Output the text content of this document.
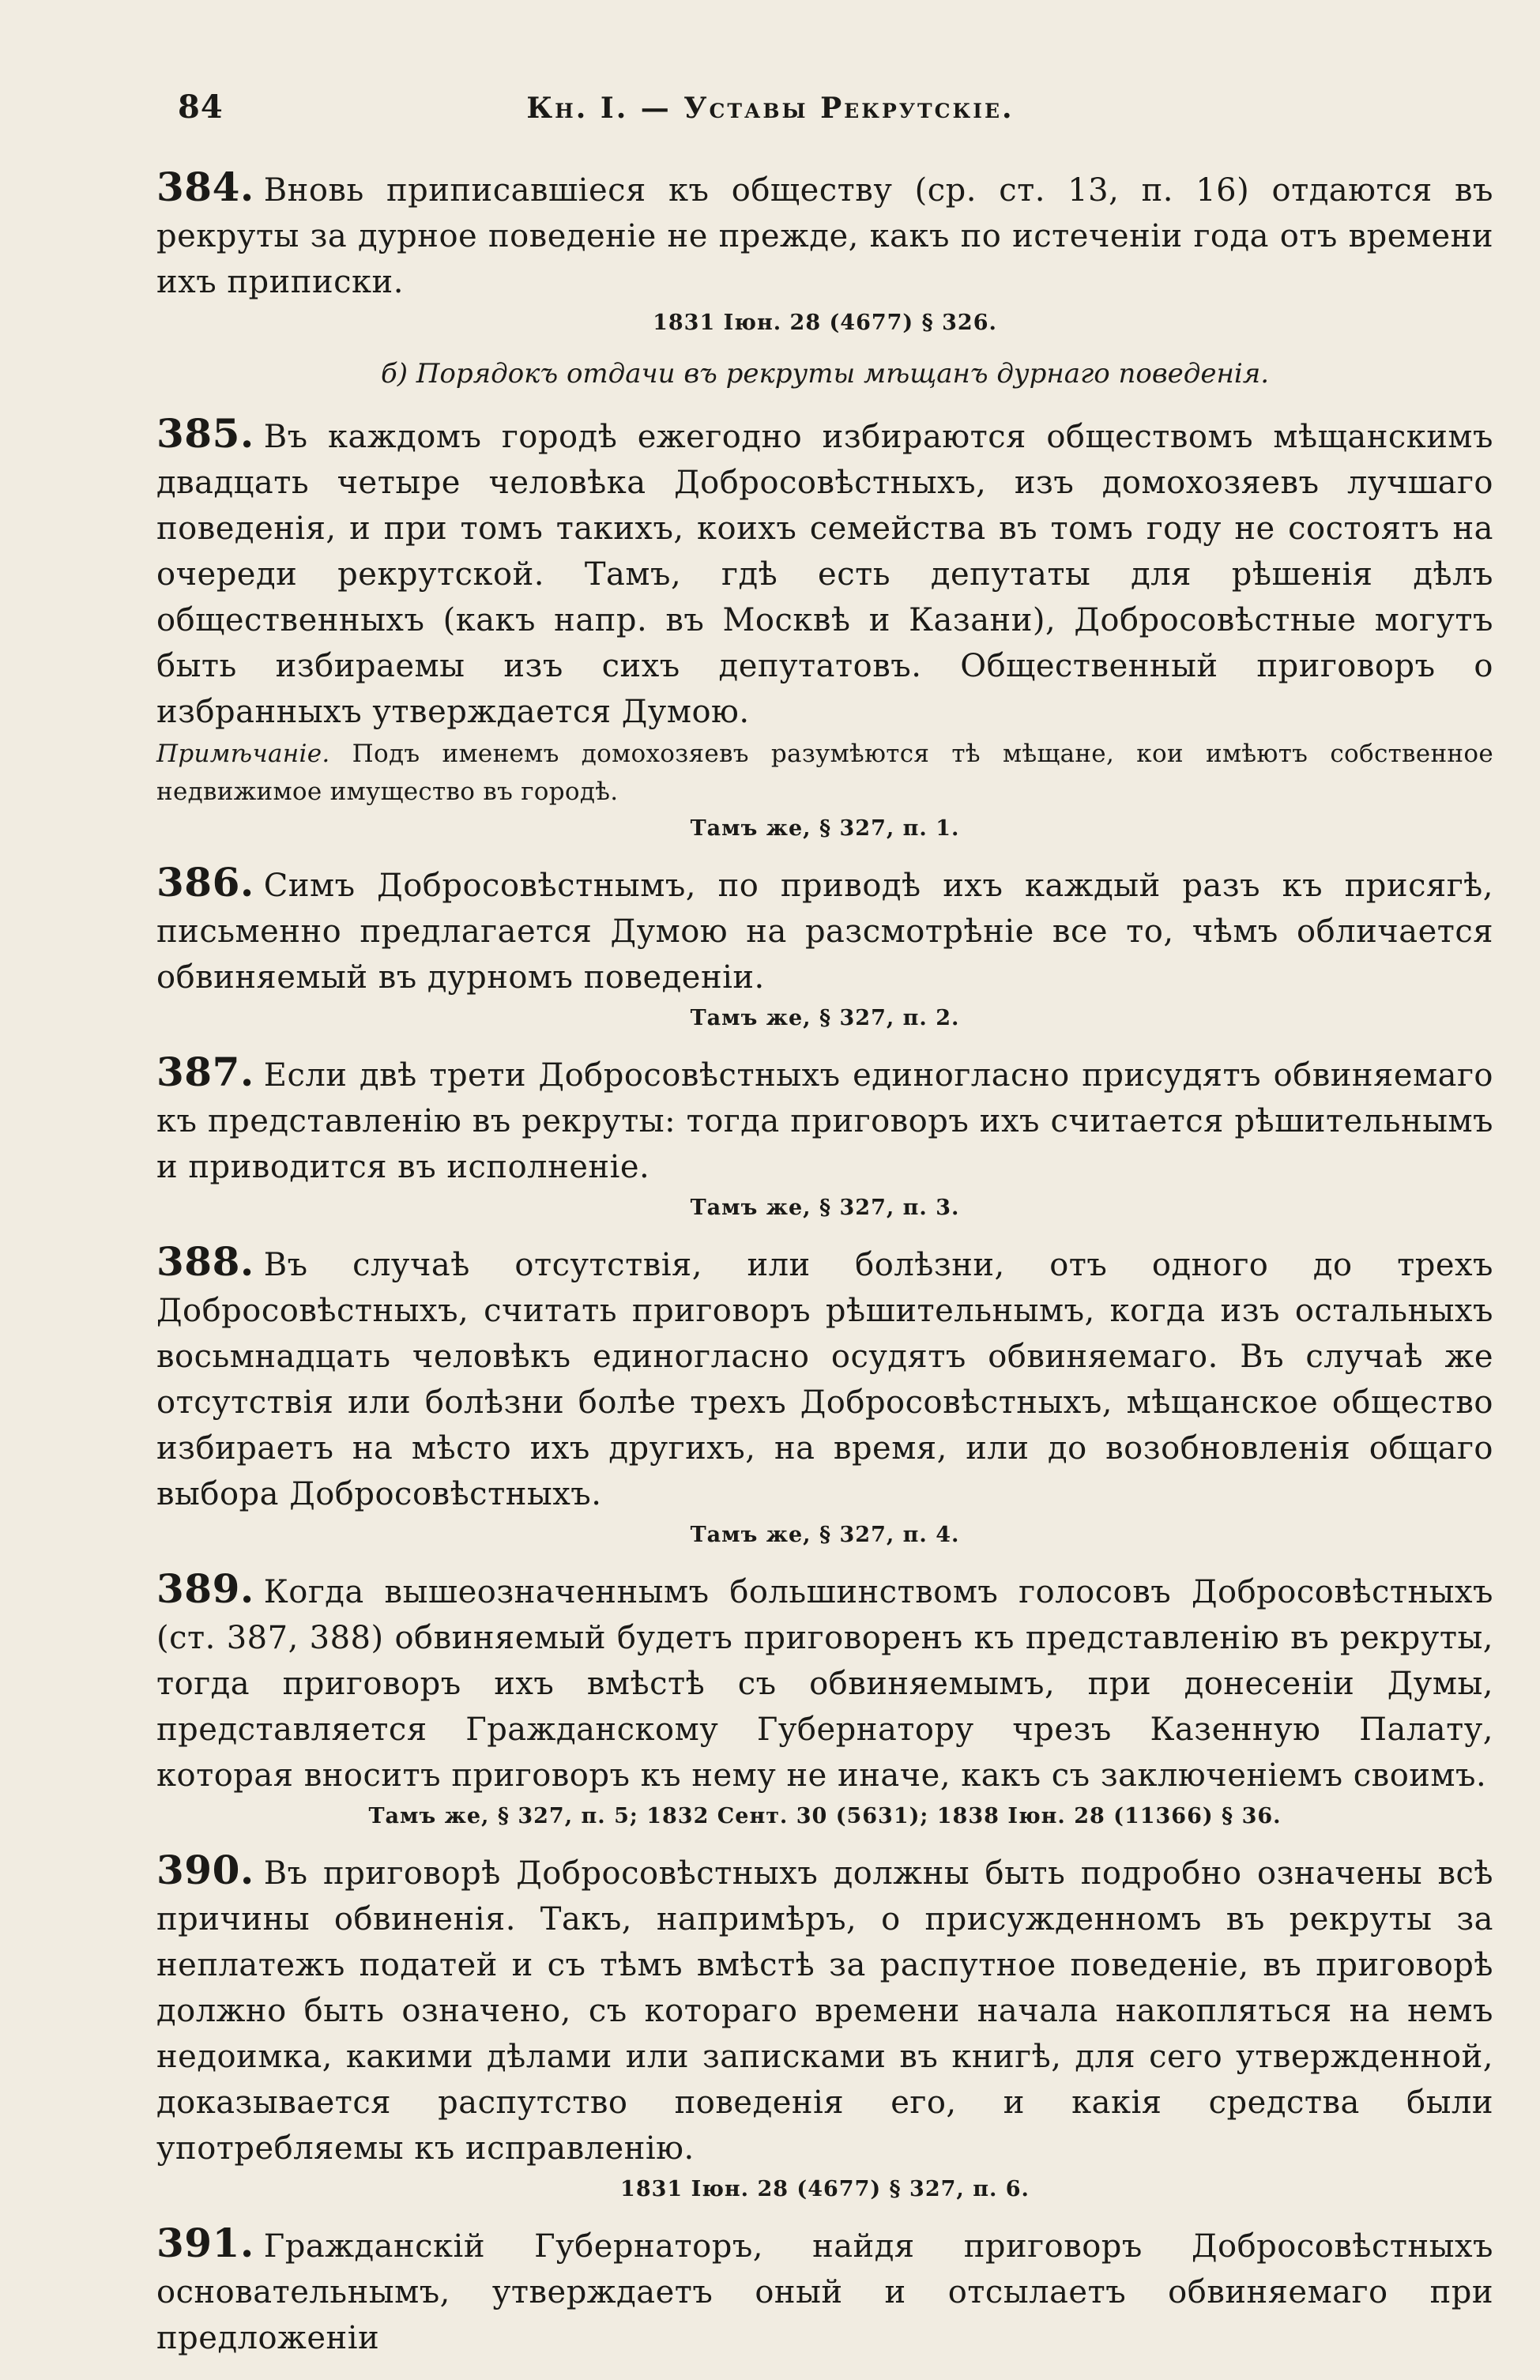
84	Кн. I. — Уставы Рекрутскіе.

384. Вновь приписавшіеся къ обществу (ср. ст. 13, п. 16) отдаются въ рекруты за дурное поведеніе не прежде, какъ по истеченіи года отъ времени ихъ приписки.

1831 Іюн. 28 (4677) § 326.
б) Порядокъ отдачи въ рекруты мѣщанъ дурнаго поведенія.

385. Въ каждомъ городѣ ежегодно избираются обществомъ мѣщанскимъ двадцать четыре человѣка Добросовѣстныхъ, изъ домохозяевъ лучшаго поведенія, и при томъ такихъ, коихъ семейства въ томъ году не состоятъ на очереди рекрутской. Тамъ, гдѣ есть депутаты для рѣшенія дѣлъ общественныхъ (какъ напр. въ Москвѣ и Казани), Добросовѣстные могутъ быть избираемы изъ сихъ депутатовъ. Общественный приговоръ о избранныхъ утверждается Думою.

Примѣчаніе. Подъ именемъ домохозяевъ разумѣются тѣ мѣщане, кои имѣютъ собственное недвижимое имущество въ городѣ.

Тамъ же, § 327, п. 1.

386. Симъ Добросовѣстнымъ, по приводѣ ихъ каждый разъ къ присягѣ, письменно предлагается Думою на разсмотрѣніе все то, чѣмъ обличается обвиняемый въ дурномъ поведеніи.

Тамъ же, § 327, п. 2.

387. Если двѣ трети Добросовѣстныхъ единогласно присудятъ обвиняемаго къ представленію въ рекруты: тогда приговоръ ихъ считается рѣшительнымъ и приводится въ исполненіе.

Тамъ же, § 327, п. 3.

388. Въ случаѣ отсутствія, или болѣзни, отъ одного до трехъ Добросовѣстныхъ, считать приговоръ рѣшительнымъ, когда изъ остальныхъ восьмнадцать человѣкъ единогласно осудятъ обвиняемаго. Въ случаѣ же отсутствія или болѣзни болѣе трехъ Добросовѣстныхъ, мѣщанское общество избираетъ на мѣсто ихъ другихъ, на время, или до возобновленія общаго выбора Добросовѣстныхъ.

Тамъ же, § 327, п. 4.

389. Когда вышеозначеннымъ большинствомъ голосовъ Добросовѣстныхъ (ст. 387, 388) обвиняемый будетъ приговоренъ къ представленію въ рекруты, тогда приговоръ ихъ вмѣстѣ съ обвиняемымъ, при донесеніи Думы, представляется Гражданскому Губернатору чрезъ Казенную Палату, которая вноситъ приговоръ къ нему не иначе, какъ съ заключеніемъ своимъ.

Тамъ же, § 327, п. 5; 1832 Сент. 30 (5631); 1838 Іюн. 28 (11366) § 36.

390. Въ приговорѣ Добросовѣстныхъ должны быть подробно означены всѣ причины обвиненія. Такъ, напримѣръ, о присужденномъ въ рекруты за неплатежъ податей и съ тѣмъ вмѣстѣ за распутное поведеніе, въ приговорѣ должно быть означено, съ котораго времени начала накопляться на немъ недоимка, какими дѣлами или записками въ книгѣ, для сего утвержденной, доказывается распутство поведенія его, и какія средства были употребляемы къ исправленію.

1831 Іюн. 28 (4677) § 327, п. 6.

391. Гражданскій Губернаторъ, найдя приговоръ Добросовѣстныхъ основательнымъ, утверждаетъ оный и отсылаетъ обвиняемаго при предложеніи
